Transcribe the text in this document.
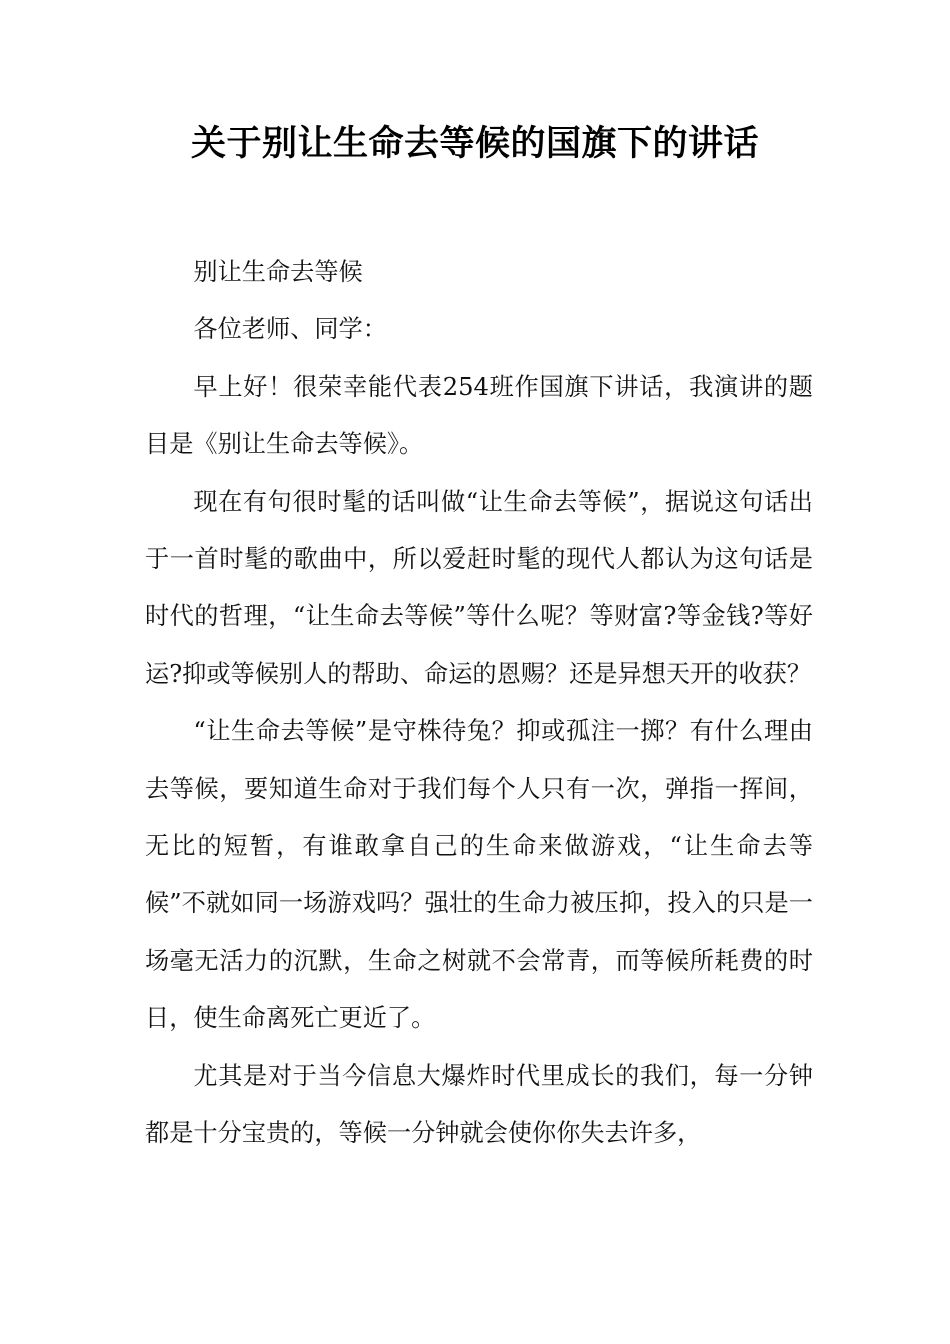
关于别让生命去等候的国旗下的讲话

别让生命去等候

各位老师、同学：

早上好！很荣幸能代表254班作国旗下讲话，我演讲的题目是《别让生命去等候》。

现在有句很时髦的话叫做“让生命去等候”，据说这句话出于一首时髦的歌曲中，所以爱赶时髦的现代人都认为这句话是时代的哲理，“让生命去等候”等什么呢？等财富?等金钱?等好运?抑或等候别人的帮助、命运的恩赐？还是异想天开的收获？

“让生命去等候”是守株待兔？抑或孤注一掷？有什么理由去等候，要知道生命对于我们每个人只有一次，弹指一挥间，无比的短暂，有谁敢拿自己的生命来做游戏，“让生命去等候”不就如同一场游戏吗？强壮的生命力被压抑，投入的只是一场毫无活力的沉默，生命之树就不会常青，而等候所耗费的时日，使生命离死亡更近了。

尤其是对于当今信息大爆炸时代里成长的我们，每一分钟都是十分宝贵的，等候一分钟就会使你你失去许多，
